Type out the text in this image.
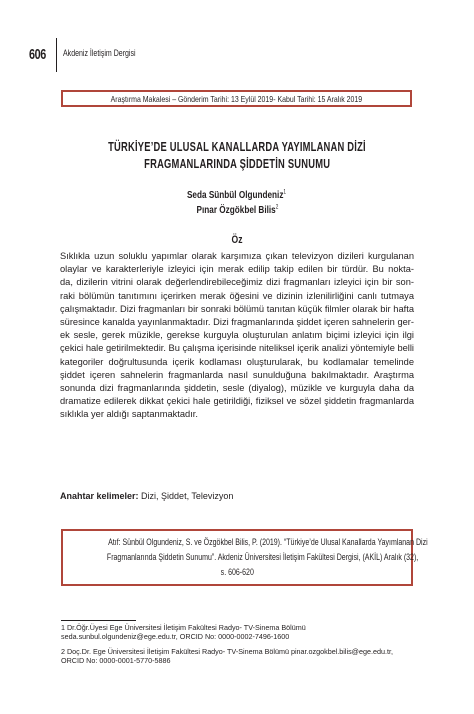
606 Akdeniz İletişim Dergisi
Araştırma Makalesi – Gönderim Tarihi: 13 Eylül 2019- Kabul Tarihi: 15 Aralık 2019
TÜRKİYE’DE ULUSAL KANALLARDA YAYIMLANAN DİZİ
FRAGMANLARINDA ŞİDDETİN SUNUMU
Seda Sünbül Olgundeniz$^1$
Pınar Özgökbel Bilis$^2$
Öz
Sıklıkla uzun soluklu yapımlar olarak karşımıza çıkan televizyon dizileri kurgulanan
olaylar ve karakterleriyle izleyici için merak edilip takip edilen bir türdür. Bu nokta-
da, dizilerin vitrini olarak değerlendirebileceğimiz dizi fragmanları izleyici için bir son-
raki bölümün tanıtımını içerirken merak öğesini ve dizinin izlenilirliğini canlı tutmaya
çalışmaktadır. Dizi fragmanları bir sonraki bölümü tanıtan küçük filmler olarak bir hafta
süresince kanalda yayınlanmaktadır. Dizi fragmanlarında şiddet içeren sahnelerin ger-
ek sesle, gerek müzikle, gerekse kurguyla oluşturulan anlatım biçimi izleyici için ilgi
çekici hale getirilmektedir. Bu çalışma içerisinde niteliksel içerik analizi yöntemiyle belli
kategoriler doğrultusunda içerik kodlaması oluşturularak, bu kodlamalar temelinde
şiddet içeren sahnelerin fragmanlarda nasıl sunulduğuna bakılmaktadır. Araştırma
sonunda dizi fragmanlarında şiddetin, sesle (diyalog), müzikle ve kurguyla daha da
dramatize edilerek dikkat çekici hale getirildiği, fiziksel ve sözel şiddetin fragmanlarda
sıklıkla yer aldığı saptanmaktadır.
Anahtar kelimeler: Dizi, Şiddet, Televizyon
Atıf: Sünbül Olgundeniz, S. ve Özgökbel Bilis, P. (2019). “Türkiye’de Ulusal Kanallarda Yayımlanan Dizi
Fragmanlarında Şiddetin Sunumu”. Akdeniz Üniversitesi İletişim Fakültesi Dergisi, (AKİL) Aralık (32),
s. 606-620
1 Dr.Öğr.Üyesi Ege Üniversitesi İletişim Fakültesi Radyo- TV-Sinema Bölümü
seda.sunbul.olgundeniz@ege.edu.tr, ORCID No: 0000-0002-7496-1600
2 Doç.Dr. Ege Üniversitesi İletişim Fakültesi Radyo- TV-Sinema Bölümü pinar.ozgokbel.bilis@ege.edu.tr,
ORCID No: 0000-0001-5770-5886
